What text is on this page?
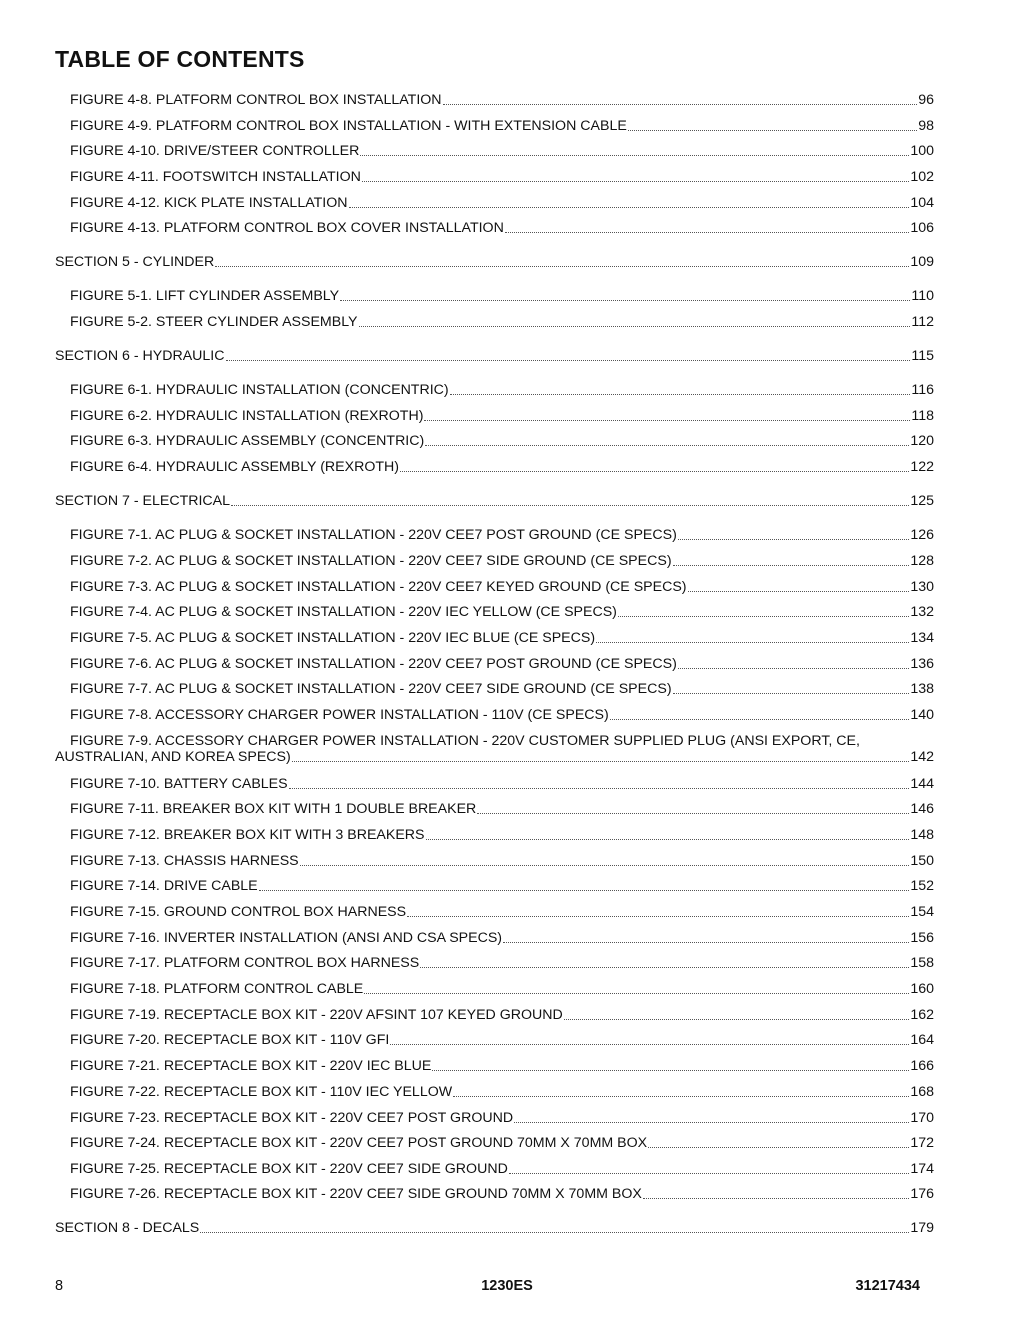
TABLE OF CONTENTS
FIGURE 4-8. PLATFORM CONTROL BOX INSTALLATION	96
FIGURE 4-9. PLATFORM CONTROL BOX INSTALLATION - WITH EXTENSION CABLE	98
FIGURE 4-10. DRIVE/STEER CONTROLLER	100
FIGURE 4-11. FOOTSWITCH INSTALLATION	102
FIGURE 4-12. KICK PLATE INSTALLATION	104
FIGURE 4-13. PLATFORM CONTROL BOX COVER INSTALLATION	106
SECTION 5 - CYLINDER	109
FIGURE 5-1. LIFT CYLINDER ASSEMBLY	110
FIGURE 5-2. STEER CYLINDER ASSEMBLY	112
SECTION 6 - HYDRAULIC	115
FIGURE 6-1. HYDRAULIC INSTALLATION (CONCENTRIC)	116
FIGURE 6-2. HYDRAULIC INSTALLATION (REXROTH)	118
FIGURE 6-3. HYDRAULIC ASSEMBLY (CONCENTRIC)	120
FIGURE 6-4. HYDRAULIC ASSEMBLY (REXROTH)	122
SECTION 7 - ELECTRICAL	125
FIGURE 7-1. AC PLUG & SOCKET INSTALLATION - 220V CEE7 POST GROUND (CE SPECS)	126
FIGURE 7-2. AC PLUG & SOCKET INSTALLATION - 220V CEE7 SIDE GROUND (CE SPECS)	128
FIGURE 7-3. AC PLUG & SOCKET INSTALLATION - 220V CEE7 KEYED GROUND (CE SPECS)	130
FIGURE 7-4. AC PLUG & SOCKET INSTALLATION - 220V IEC YELLOW (CE SPECS)	132
FIGURE 7-5. AC PLUG & SOCKET INSTALLATION - 220V IEC BLUE (CE SPECS)	134
FIGURE 7-6. AC PLUG & SOCKET INSTALLATION - 220V CEE7 POST GROUND (CE SPECS)	136
FIGURE 7-7. AC PLUG & SOCKET INSTALLATION - 220V CEE7 SIDE GROUND (CE SPECS)	138
FIGURE 7-8. ACCESSORY CHARGER POWER INSTALLATION - 110V (CE SPECS)	140
FIGURE 7-9. ACCESSORY CHARGER POWER INSTALLATION - 220V CUSTOMER SUPPLIED PLUG (ANSI EXPORT, CE,
AUSTRALIAN, AND KOREA SPECS)	142
FIGURE 7-10. BATTERY CABLES	144
FIGURE 7-11. BREAKER BOX KIT WITH 1 DOUBLE BREAKER	146
FIGURE 7-12. BREAKER BOX KIT WITH 3 BREAKERS	148
FIGURE 7-13. CHASSIS HARNESS	150
FIGURE 7-14. DRIVE CABLE	152
FIGURE 7-15. GROUND CONTROL BOX HARNESS	154
FIGURE 7-16. INVERTER INSTALLATION (ANSI AND CSA SPECS)	156
FIGURE 7-17. PLATFORM CONTROL BOX HARNESS	158
FIGURE 7-18. PLATFORM CONTROL CABLE	160
FIGURE 7-19. RECEPTACLE BOX KIT - 220V AFSINT 107 KEYED GROUND	162
FIGURE 7-20. RECEPTACLE BOX KIT - 110V GFI	164
FIGURE 7-21. RECEPTACLE BOX KIT - 220V IEC BLUE	166
FIGURE 7-22. RECEPTACLE BOX KIT - 110V IEC YELLOW	168
FIGURE 7-23. RECEPTACLE BOX KIT - 220V CEE7 POST GROUND	170
FIGURE 7-24. RECEPTACLE BOX KIT - 220V CEE7 POST GROUND 70MM X 70MM BOX	172
FIGURE 7-25. RECEPTACLE BOX KIT - 220V CEE7 SIDE GROUND	174
FIGURE 7-26. RECEPTACLE BOX KIT - 220V CEE7 SIDE GROUND 70MM X 70MM BOX	176
SECTION 8 - DECALS	179
8	1230ES	31217434
